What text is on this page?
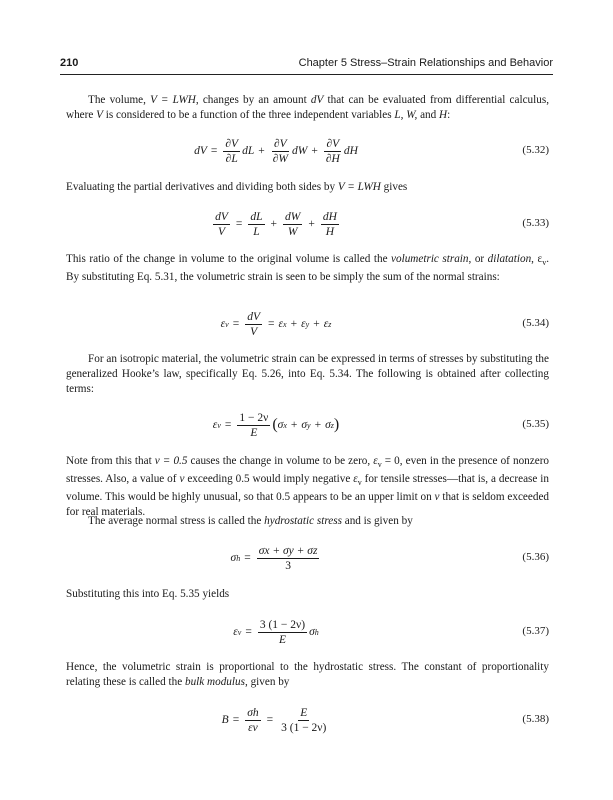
210	Chapter 5 Stress–Strain Relationships and Behavior
The volume, V = LWH, changes by an amount dV that can be evaluated from differential calculus, where V is considered to be a function of the three independent variables L, W, and H:
dV = $\frac{\partial V}{\partial L}$ dL + $\frac{\partial V}{\partial W}$ dW + $\frac{\partial V}{\partial H}$ dH	(5.32)
Evaluating the partial derivatives and dividing both sides by V = LWH gives
$\frac{dV}{V} = \frac{dL}{L} + \frac{dW}{W} + \frac{dH}{H}$	(5.33)
This ratio of the change in volume to the original volume is called the volumetric strain, or dilatation, $\varepsilon_v$. By substituting Eq. 5.31, the volumetric strain is seen to be simply the sum of the normal strains:
ε $v = \frac{dV}{V} = \varepsilon$ x + ε y + ε z	(5.34)
For an isotropic material, the volumetric strain can be expressed in terms of stresses by substituting the generalized Hooke’s law, specifically Eq. 5.26, into Eq. 5.34. The following is obtained after collecting terms:
ε $v = \frac{1 - 2\nu}{E}$ ( σ x + σ y + σ z )	(5.35)
Note from this that ν = 0.5 causes the change in volume to be zero, $\varepsilon_v = 0$, even in the presence of nonzero stresses. Also, a value of ν exceeding 0.5 would imply negative $\varepsilon_v$ for tensile stresses—that is, a decrease in volume. This would be highly unusual, so that 0.5 appears to be an upper limit on ν that is seldom exceeded for real materials.
The average normal stress is called the hydrostatic stress and is given by
σ $h = \frac{\sigma x + \sigma y + \sigma z}{3}$	(5.36)
Substituting this into Eq. 5.35 yields
ε $v = \frac{3 (1 - 2\nu)}{E}$ σ h	(5.37)
Hence, the volumetric strain is proportional to the hydrostatic stress. The constant of proportionality relating these is called the bulk modulus, given by
$B = \frac{\sigma h}{\varepsilon v} = \frac{E}{3 (1 - 2\nu)}$	(5.38)
